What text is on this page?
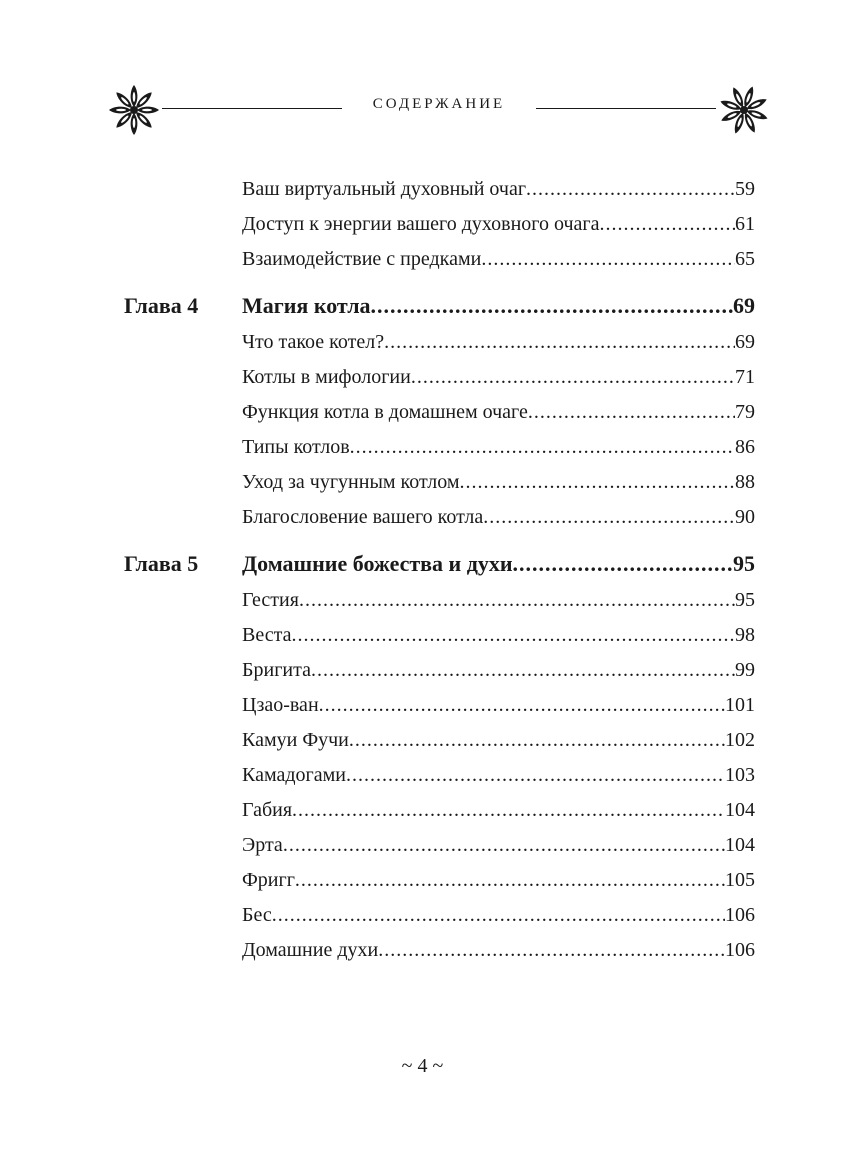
СОДЕРЖАНИЕ
Ваш виртуальный духовный очаг .....	59
Доступ к энергии вашего духовного очага .....	61
Взаимодействие с предками .....	65
Глава 4 Магия котла .....	69
Что такое котел? .....	69
Котлы в мифологии .....	71
Функция котла в домашнем очаге .....	79
Типы котлов .....	86
Уход за чугунным котлом .....	88
Благословение вашего котла .....	90
Глава 5 Домашние божества и духи .....	95
Гестия .....	95
Веста .....	98
Бригита .....	99
Цзао-ван .....	101
Камуи Фучи .....	102
Камадогами .....	103
Габия .....	104
Эрта .....	104
Фригг .....	105
Бес .....	106
Домашние духи .....	106
~ 4 ~
